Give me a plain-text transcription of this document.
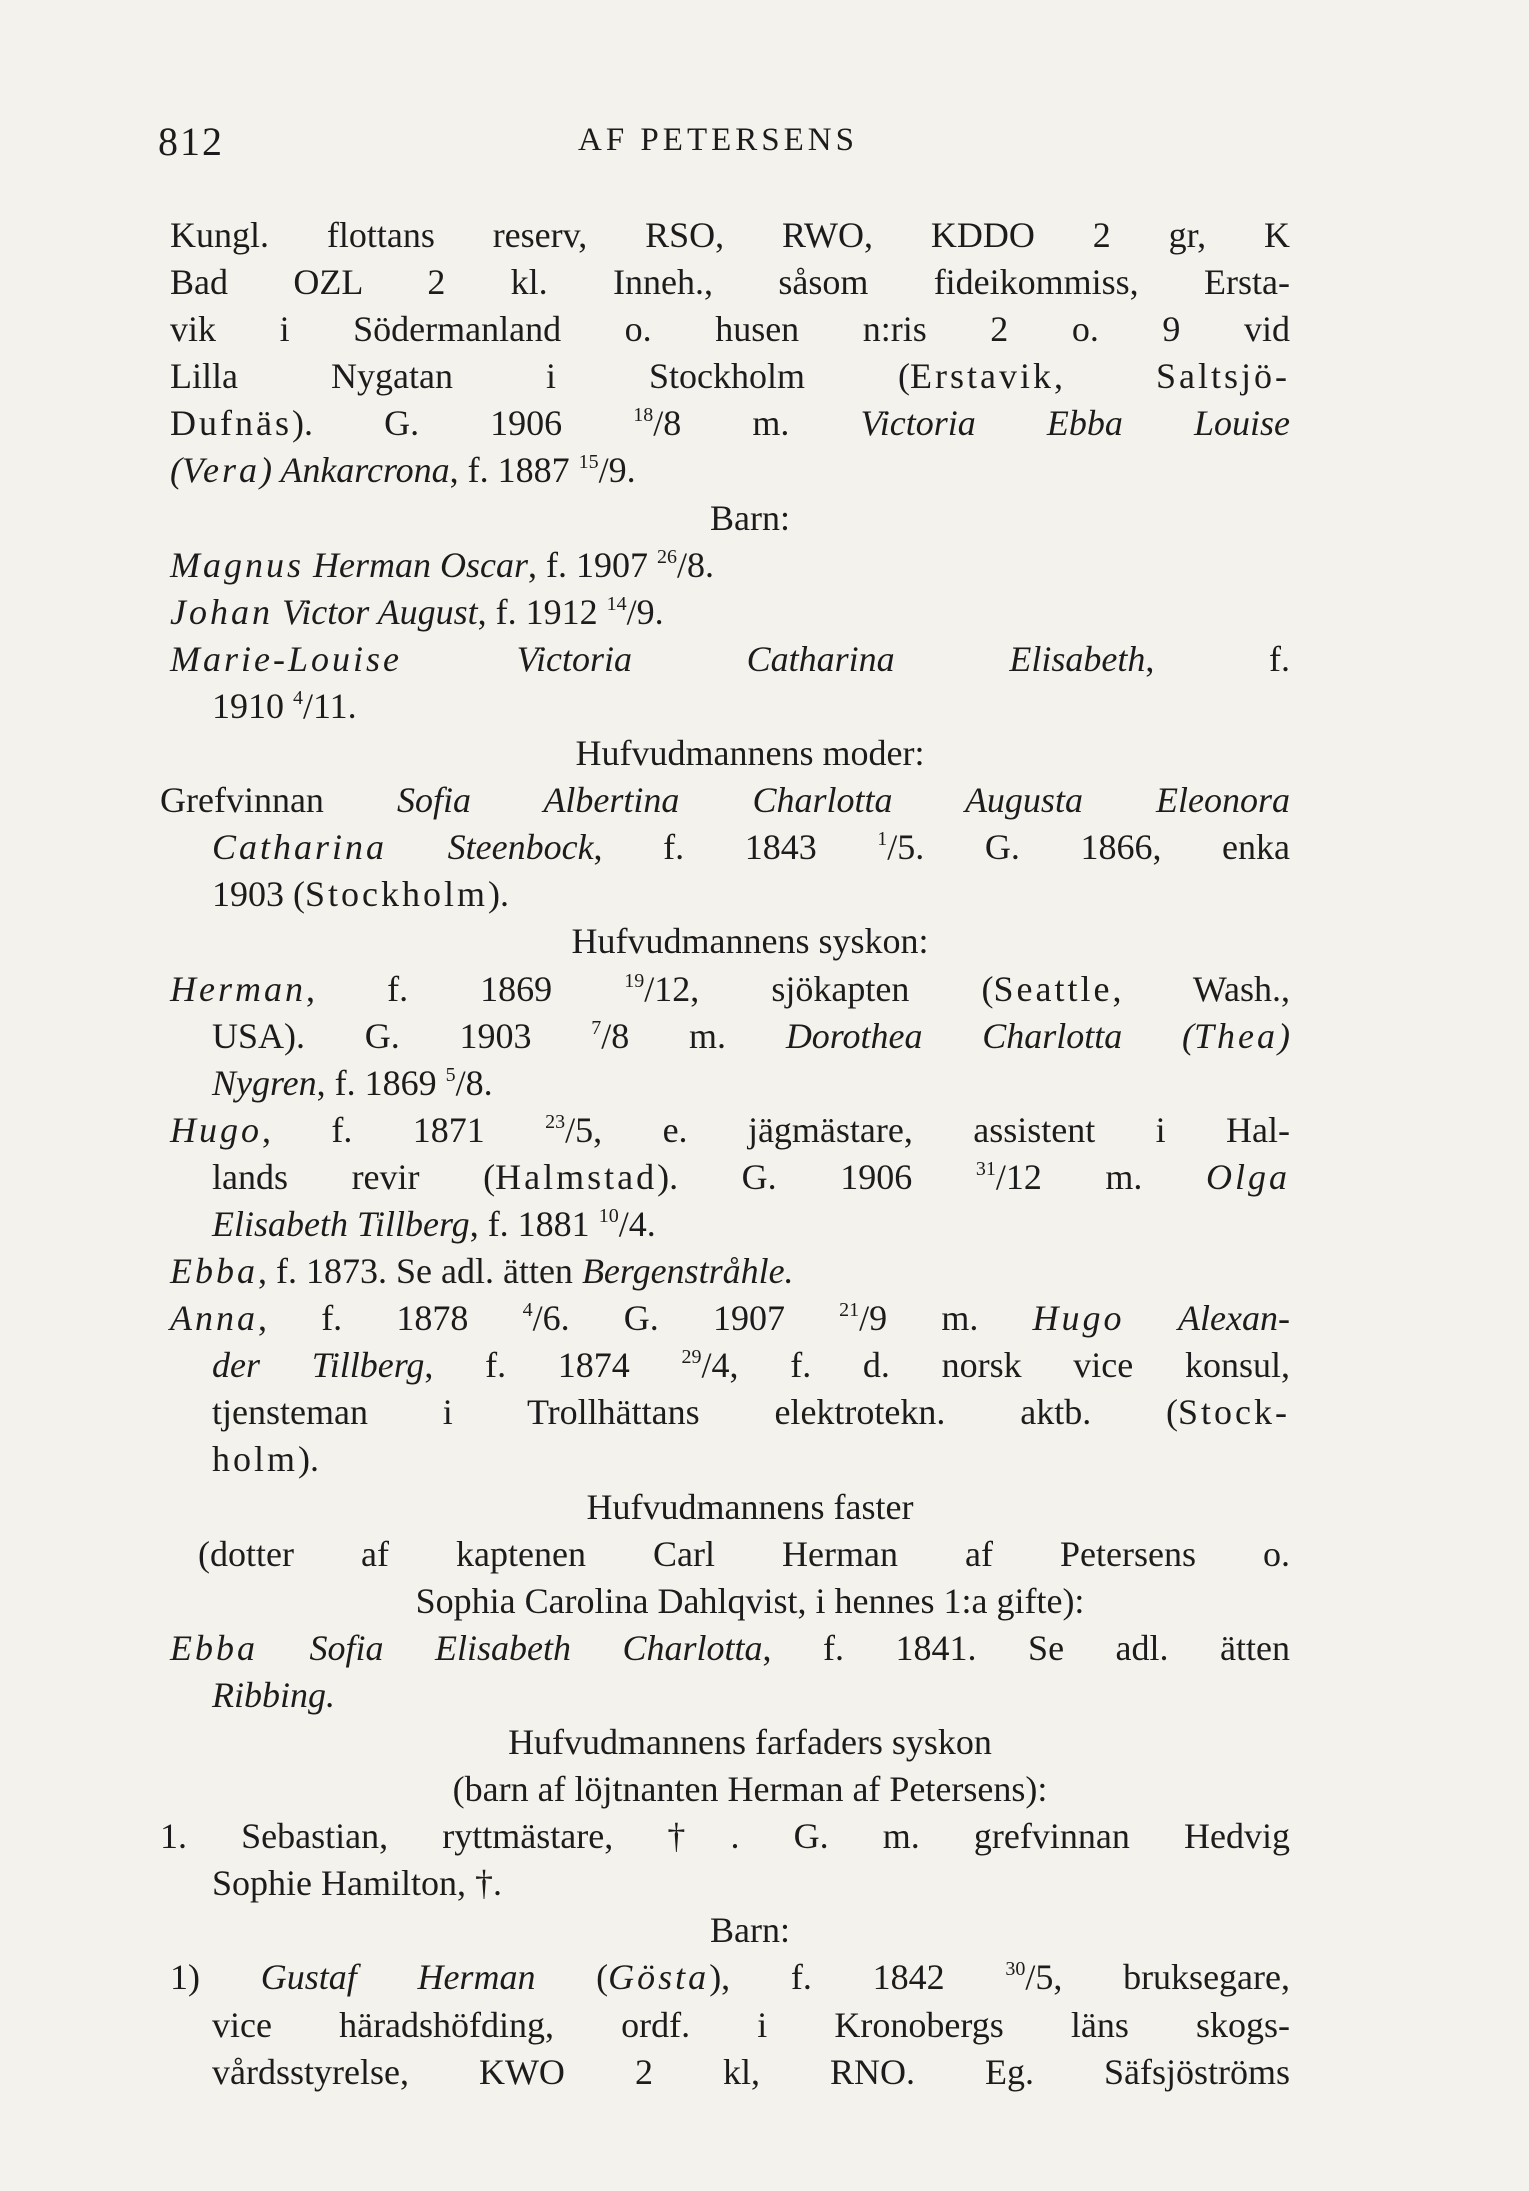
812	AF PETERSENS
Kungl. flottans reserv, RSO, RWO, KDDO 2 gr, K
Bad OZL 2 kl. Inneh., såsom fideikommiss, Ersta-
vik i Södermanland o. husen n:ris 2 o. 9 vid
Lilla Nygatan i Stockholm (Erstavik, Saltsjö-
Dufnäs). G. 1906 $^{18}$/8 m. Victoria Ebba Louise
(Vera) Ankarcrona, f. 1887 $^{15}$/9.
Barn:
Magnus Herman Oscar, f. 1907 $^{26}$/8.
Johan Victor August, f. 1912 $^{14}$/9.
Marie-Louise	Victoria Catharina Elisabeth, f.
1910 $^4$/11.
Hufvudmannens moder:
Grefvinnan Sofia Albertina Charlotta Augusta Eleonora
Catharina Steenbock, f. 1843 $^1$/5. G. 1866, enka
1903 (Stockholm).
Hufvudmannens syskon:
Herman, f. 1869 $^{19}$/12, sjökapten (Seattle, Wash.,
USA). G. 1903 $^7$/8 m. Dorothea Charlotta (Thea)
Nygren, f. 1869 $^5$/8.
Hugo, f. 1871 $^{23}$/5, e. jägmästare, assistent i Hal-
lands revir (Halmstad). G. 1906 $^{31}$/12 m. Olga
Elisabeth Tillberg, f. 1881 $^{10}$/4.
Ebba, f. 1873. Se adl. ätten Bergenstråhle.
Anna, f. 1878 $^4$/6. G. 1907 $^{21}$/9 m. Hugo Alexan-
der Tillberg, f. 1874 $^{29}$/4, f. d. norsk vice konsul,
tjensteman i Trollhättans elektrotekn. aktb. (Stock-
holm).
Hufvudmannens faster
(dotter af kaptenen Carl Herman af Petersens o.
Sophia Carolina Dahlqvist, i hennes 1:a gifte):
Ebba Sofia Elisabeth Charlotta, f. 1841. Se adl. ätten
Ribbing.
Hufvudmannens farfaders syskon
(barn af löjtnanten Herman af Petersens):
1. Sebastian, ryttmästare, †. G. m. grefvinnan Hedvig
Sophie Hamilton, †.
Barn:
1) Gustaf Herman (Gösta), f. 1842 $^{30}$/5, bruksegare,
vice häradshöfding, ordf. i Kronobergs läns skogs-
vårdsstyrelse, KWO 2 kl, RNO. Eg. Säfsjöströms
